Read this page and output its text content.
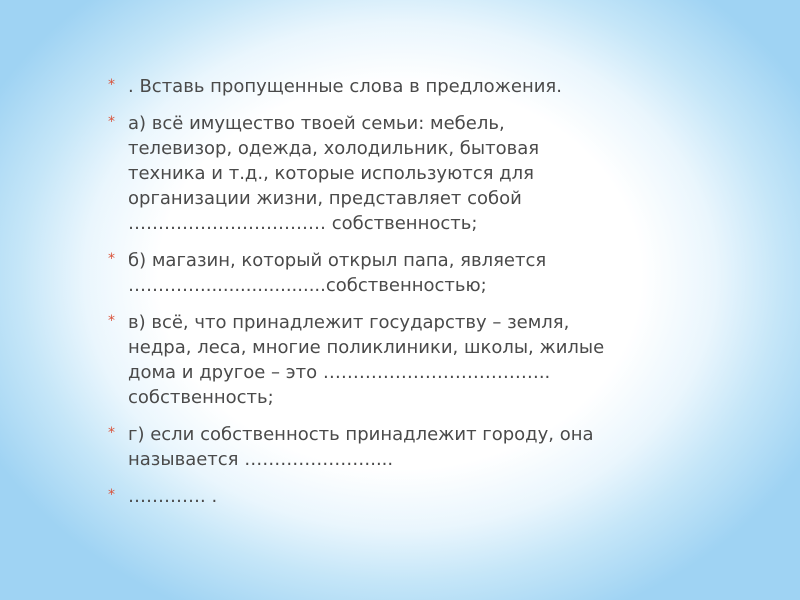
* . Вставь пропущенные слова в предложения.
* а) всё имущество твоей семьи: мебель,
телевизор, одежда, холодильник, бытовая
техника и т.д., которые используются для
организации жизни, представляет собой
…………………………… собственность;
* б) магазин, который открыл папа, является
…………......................собственностью;
* в) всё, что принадлежит государству – земля,
недра, леса, многие поликлиники, школы, жилые
дома и другое – это ………………………………..
собственность;
* г) если собственность принадлежит городу, она
называется …………………....
* …………. .
